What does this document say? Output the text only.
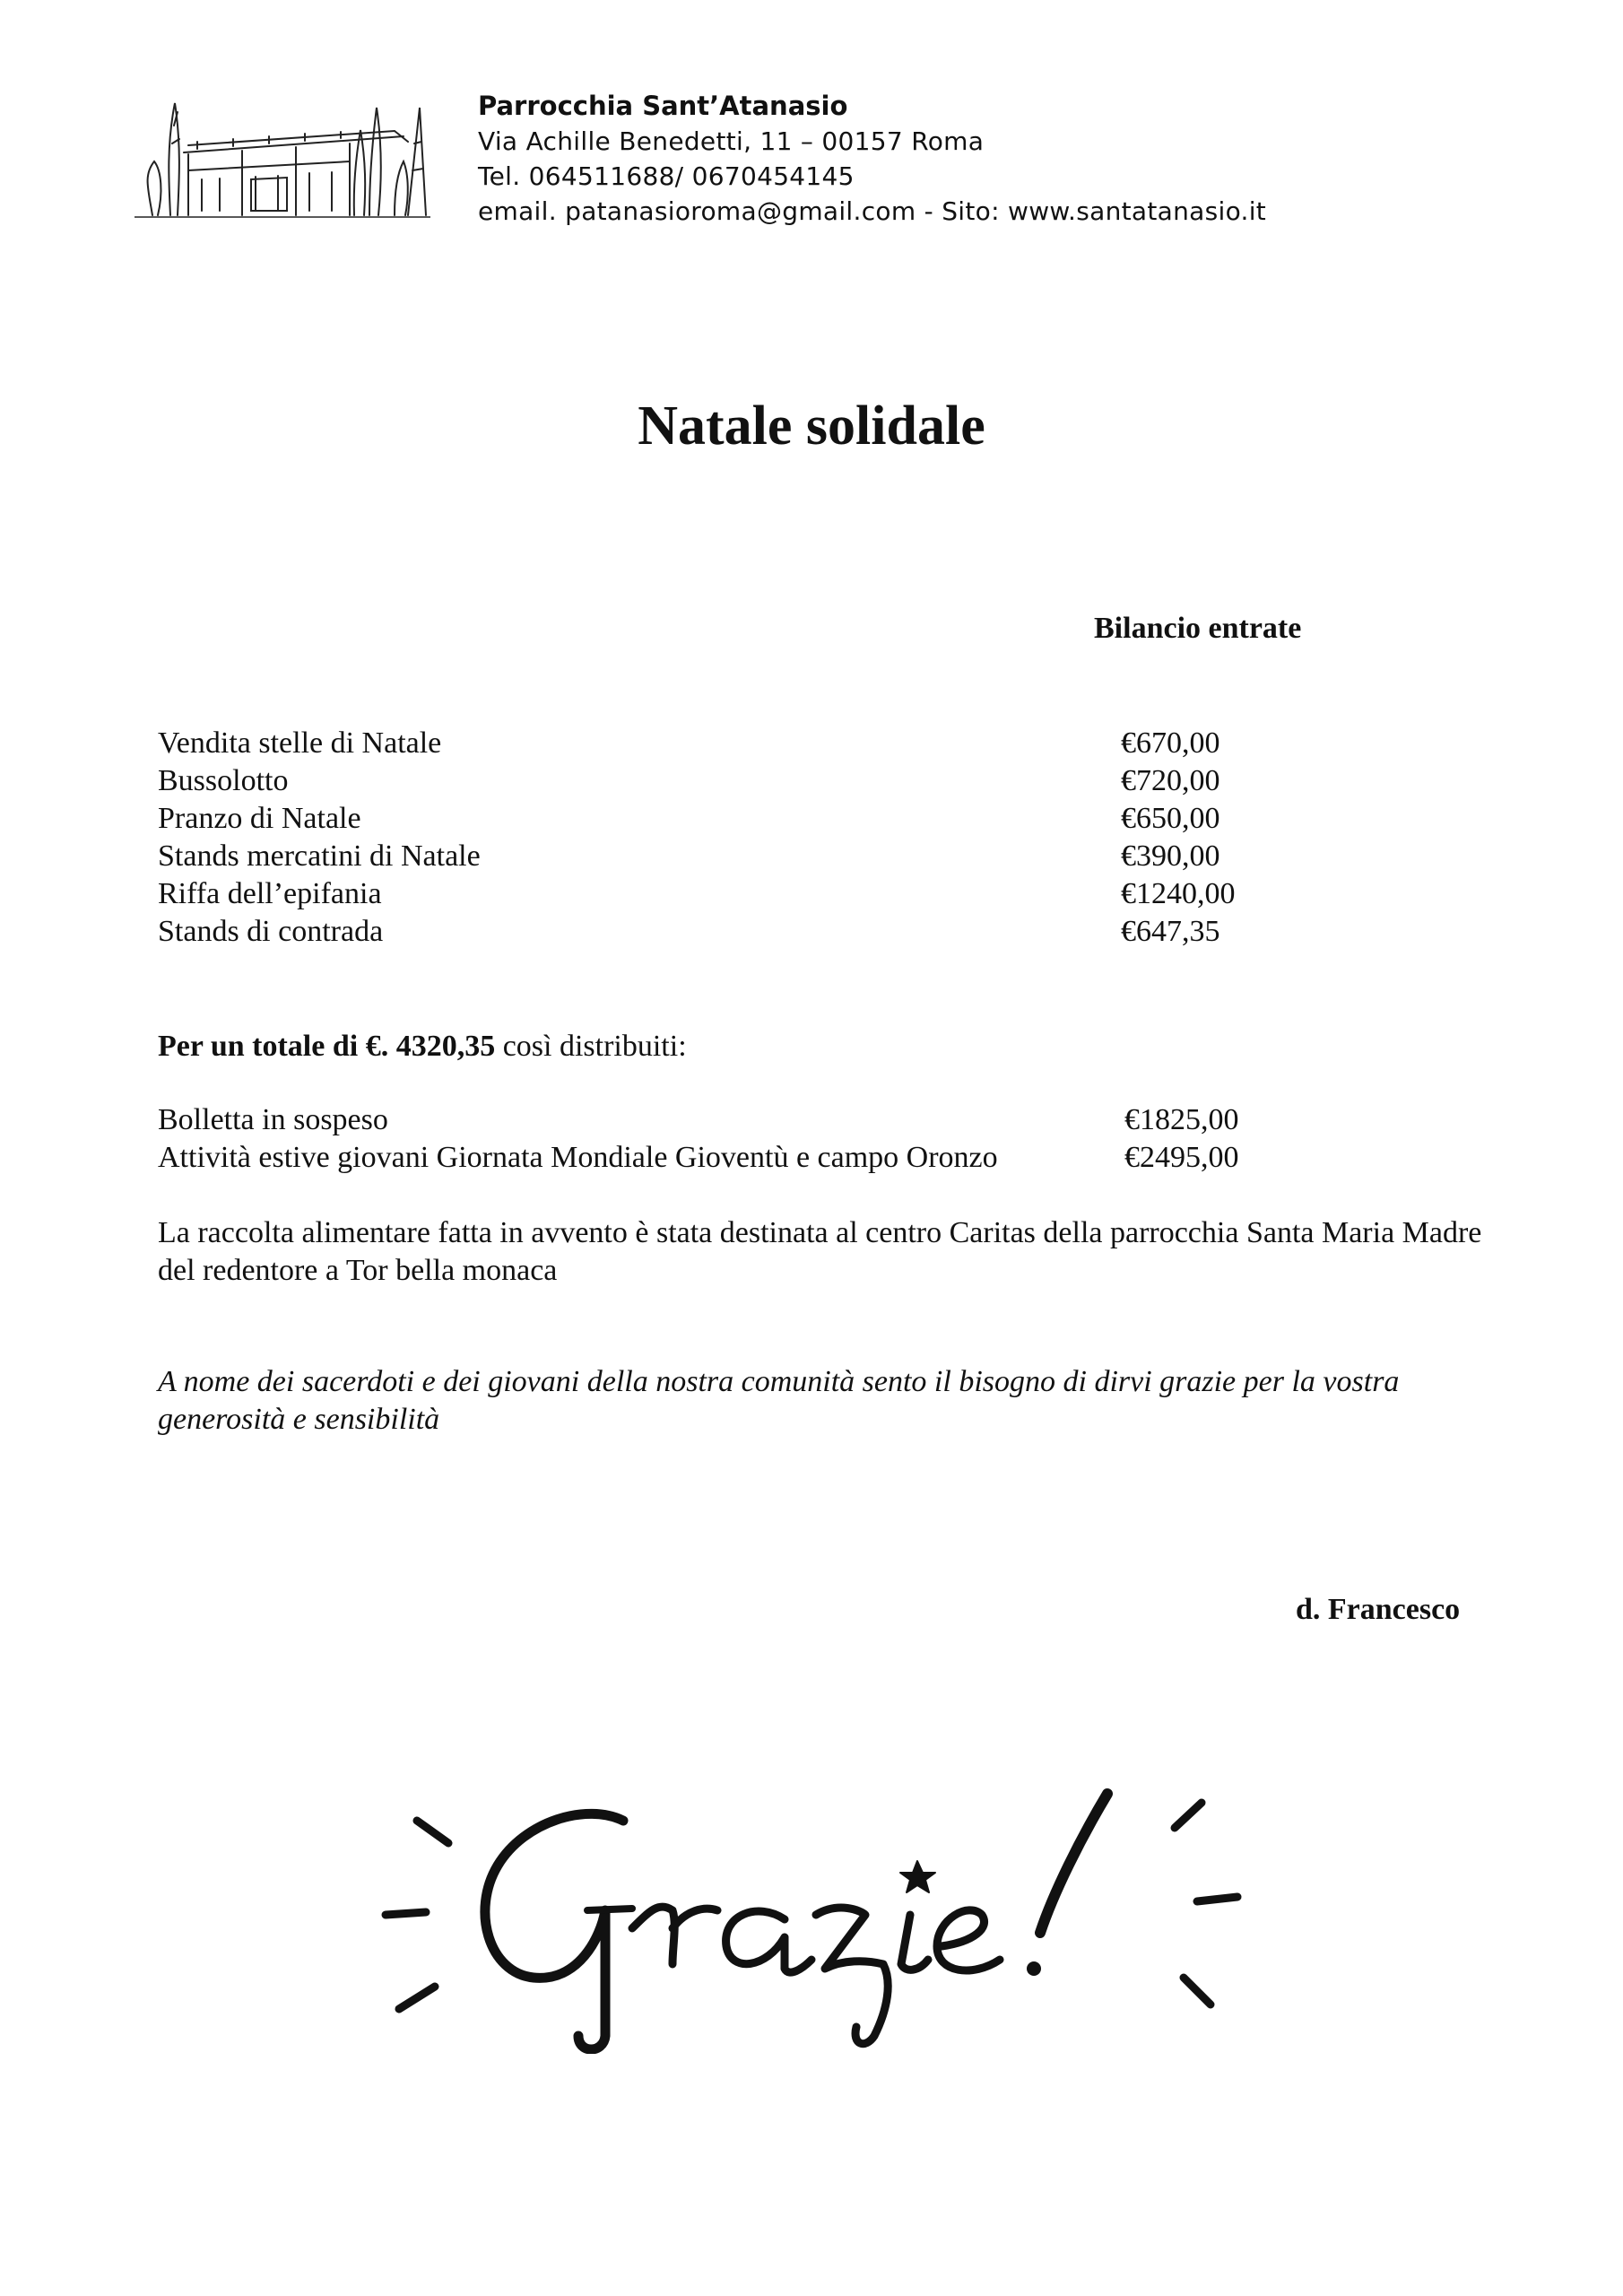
Parrocchia Sant’Atanasio
Via Achille Benedetti, 11 – 00157 Roma
Tel. 064511688/ 0670454145
email. patanasioroma@gmail.com - Sito: www.santatanasio.it
Natale solidale
Bilancio entrate
Vendita stelle di Natale	€670,00
Bussolotto	€720,00
Pranzo di Natale	€650,00
Stands mercatini di Natale	€390,00
Riffa dell’epifania	€1240,00
Stands di contrada	€647,35
Per un totale di €. 4320,35 così distribuiti:
Bolletta in sospeso	€1825,00
Attività estive giovani Giornata Mondiale Gioventù e campo Oronzo	€2495,00
La raccolta alimentare fatta in avvento è stata destinata al centro Caritas della parrocchia Santa Maria Madre del redentore a Tor bella monaca
A nome dei sacerdoti e dei giovani della nostra comunità sento il bisogno di dirvi grazie per la vostra generosità e sensibilità
d. Francesco
